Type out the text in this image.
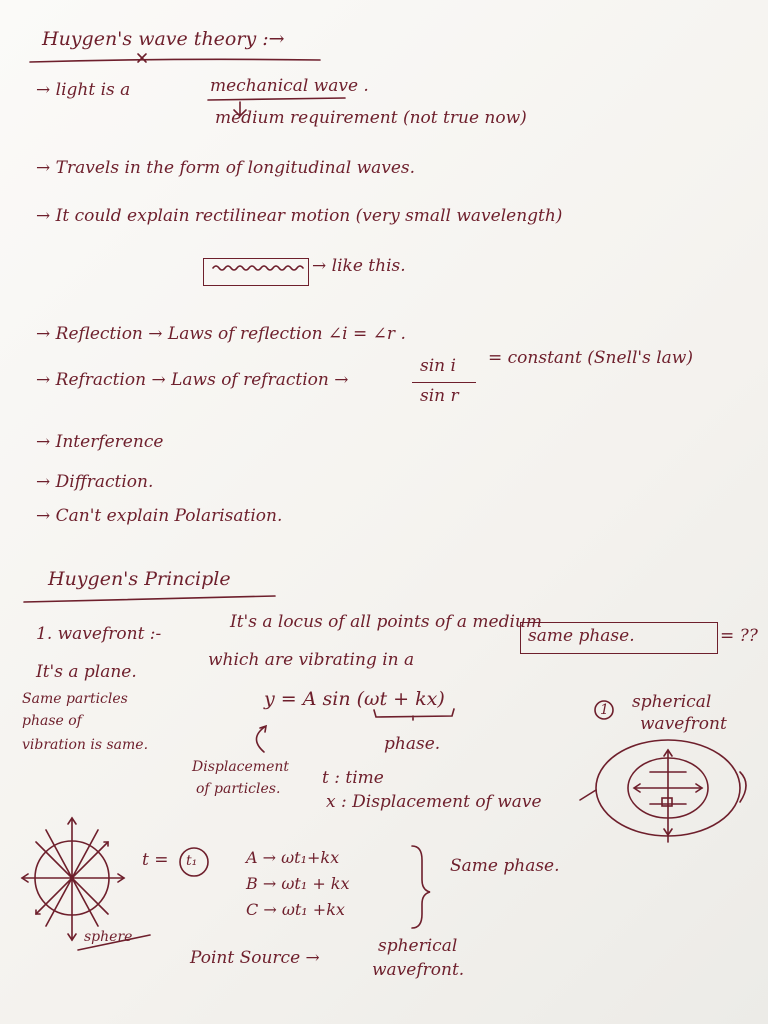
Huygen's wave theory :→
→ light is a	mechanical wave .
medium requirement (not true now)
→ Travels in the form of longitudinal waves.
→ It could explain rectilinear motion (very small wavelength)
→ like this.
→ Reflection → Laws of reflection ∠i = ∠r .
→ Refraction → Laws of refraction →
sin i
sin r
= constant (Snell's law)
→ Interference
→ Diffraction.
→ Can't explain Polarisation.
Huygen's Principle
1. wavefront :-
It's a locus of all points of a medium
which are vibrating in a
same phase.	= ??
It's a plane.
Same particles
phase of
vibration is same.
y = A sin (ωt + kx)
phase.
Displacement
of particles.
t : time
x : Displacement of wave
1 spherical
wavefront
t = t₁	A → ωt₁+kx
B → ωt₁ + kx
C → ωt₁ +kx
Same phase.
sphere
Point Source →
spherical
wavefront.
